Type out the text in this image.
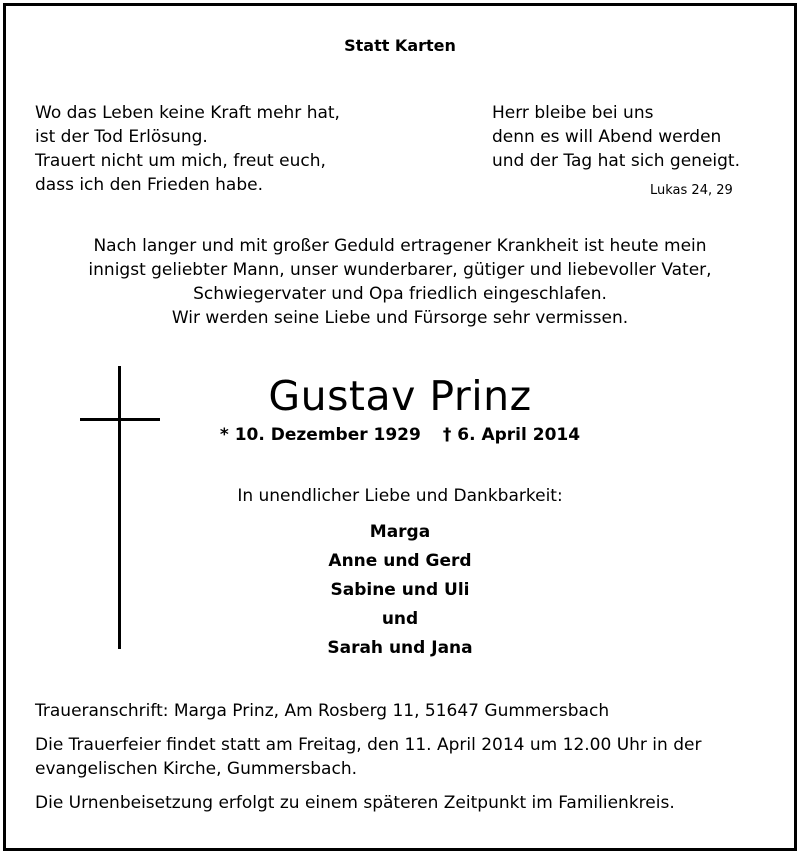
Statt Karten
Wo das Leben keine Kraft mehr hat,
ist der Tod Erlösung.
Trauert nicht um mich, freut euch,
dass ich den Frieden habe.
Herr bleibe bei uns
denn es will Abend werden
und der Tag hat sich geneigt.
Lukas 24, 29
Nach langer und mit großer Geduld ertragener Krankheit ist heute mein
innigst geliebter Mann, unser wunderbarer, gütiger und liebevoller Vater,
Schwiegervater und Opa friedlich eingeschlafen.
Wir werden seine Liebe und Fürsorge sehr vermissen.
Gustav Prinz
* 10. Dezember 1929 † 6. April 2014
In unendlicher Liebe und Dankbarkeit:
Marga
Anne und Gerd
Sabine und Uli
und
Sarah und Jana
Traueranschrift: Marga Prinz, Am Rosberg 11, 51647 Gummersbach
Die Trauerfeier findet statt am Freitag, den 11. April 2014 um 12.00 Uhr in der
evangelischen Kirche, Gummersbach.
Die Urnenbeisetzung erfolgt zu einem späteren Zeitpunkt im Familienkreis.
